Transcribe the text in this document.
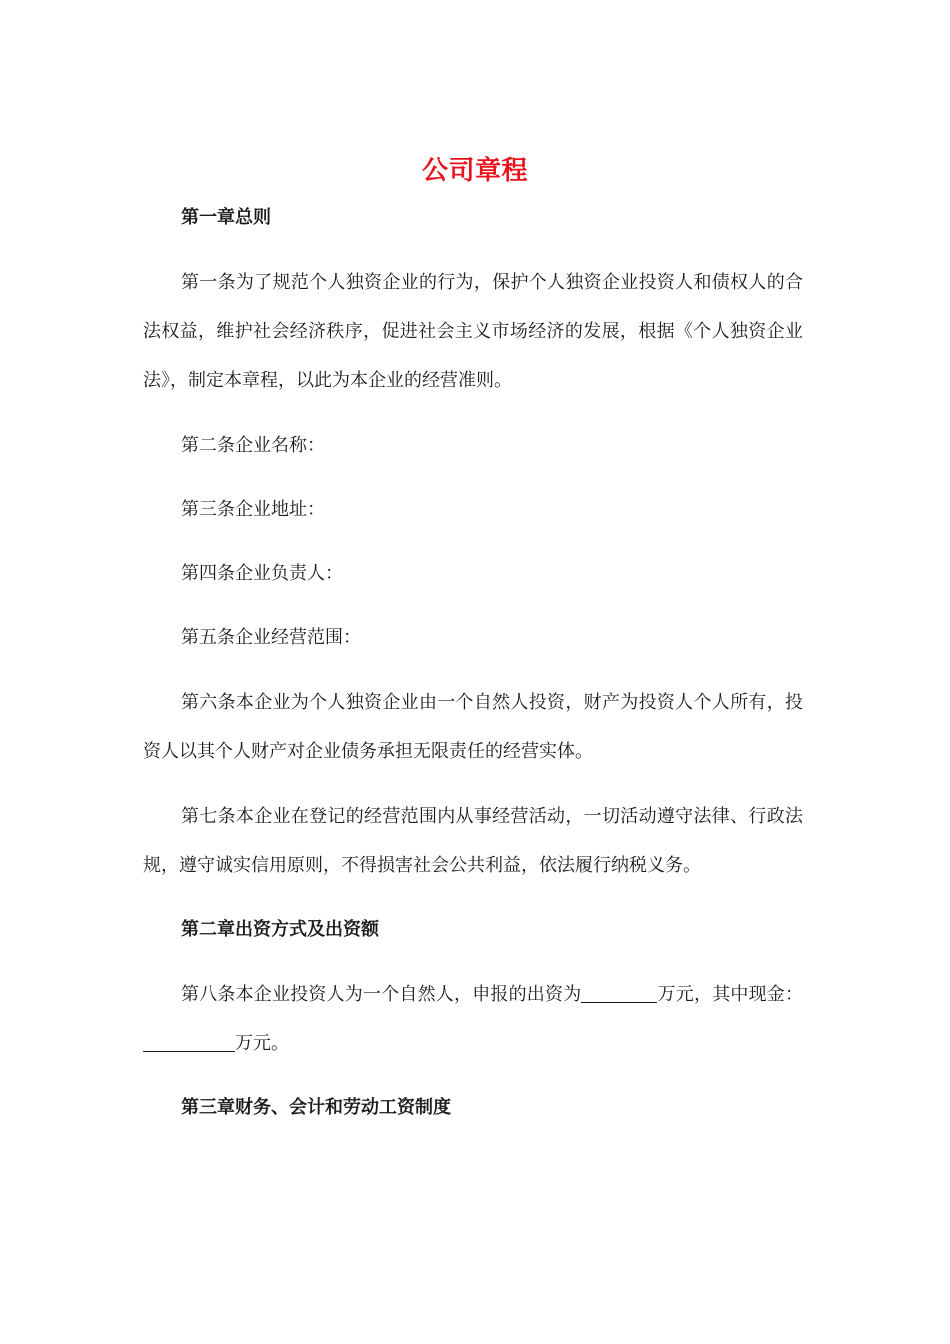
公司章程
第一章总则

第一条为了规范个人独资企业的行为，保护个人独资企业投资人和债权人的合法权益，维护社会经济秩序，促进社会主义市场经济的发展，根据《个人独资企业法》，制定本章程，以此为本企业的经营准则。

第二条企业名称：
第三条企业地址：
第四条企业负责人：
第五条企业经营范围：

第六条本企业为个人独资企业由一个自然人投资，财产为投资人个人所有，投资人以其个人财产对企业债务承担无限责任的经营实体。

第七条本企业在登记的经营范围内从事经营活动，一切活动遵守法律、行政法规，遵守诚实信用原则，不得损害社会公共利益，依法履行纳税义务。

第二章出资方式及出资额

第八条本企业投资人为一个自然人，申报的出资为	万元，其中现金：万元。

第三章财务、会计和劳动工资制度
